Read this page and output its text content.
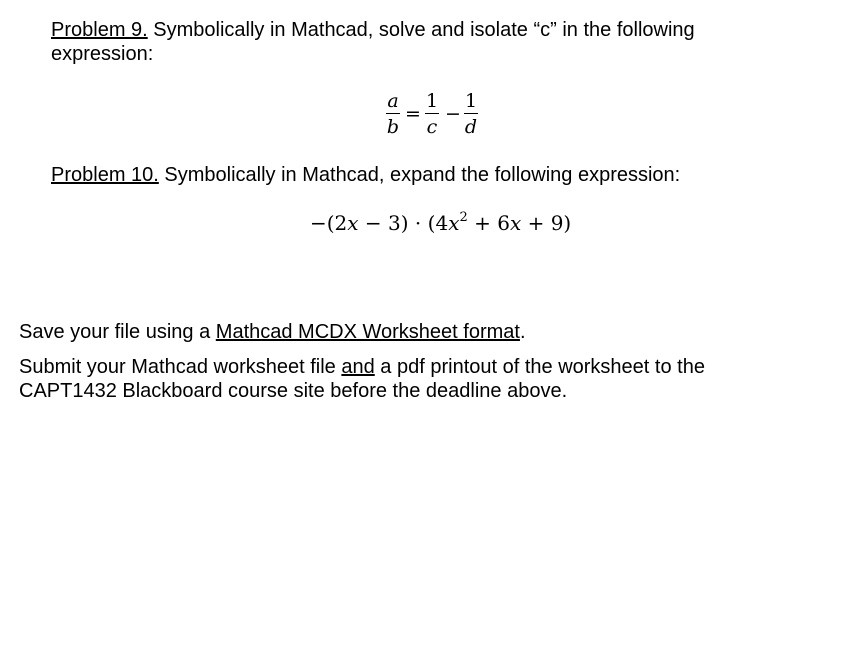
Problem 9. Symbolically in Mathcad, solve and isolate “c” in the following expression:

a
b
=
1
c
−
1
d

Problem 10. Symbolically in Mathcad, expand the following expression:

$-(2x - 3) \cdot (4x^2 + 6x + 9)$

Save your file using a Mathcad MCDX Worksheet format.

Submit your Mathcad worksheet file and a pdf printout of the worksheet to the CAPT1432 Blackboard course site before the deadline above.
